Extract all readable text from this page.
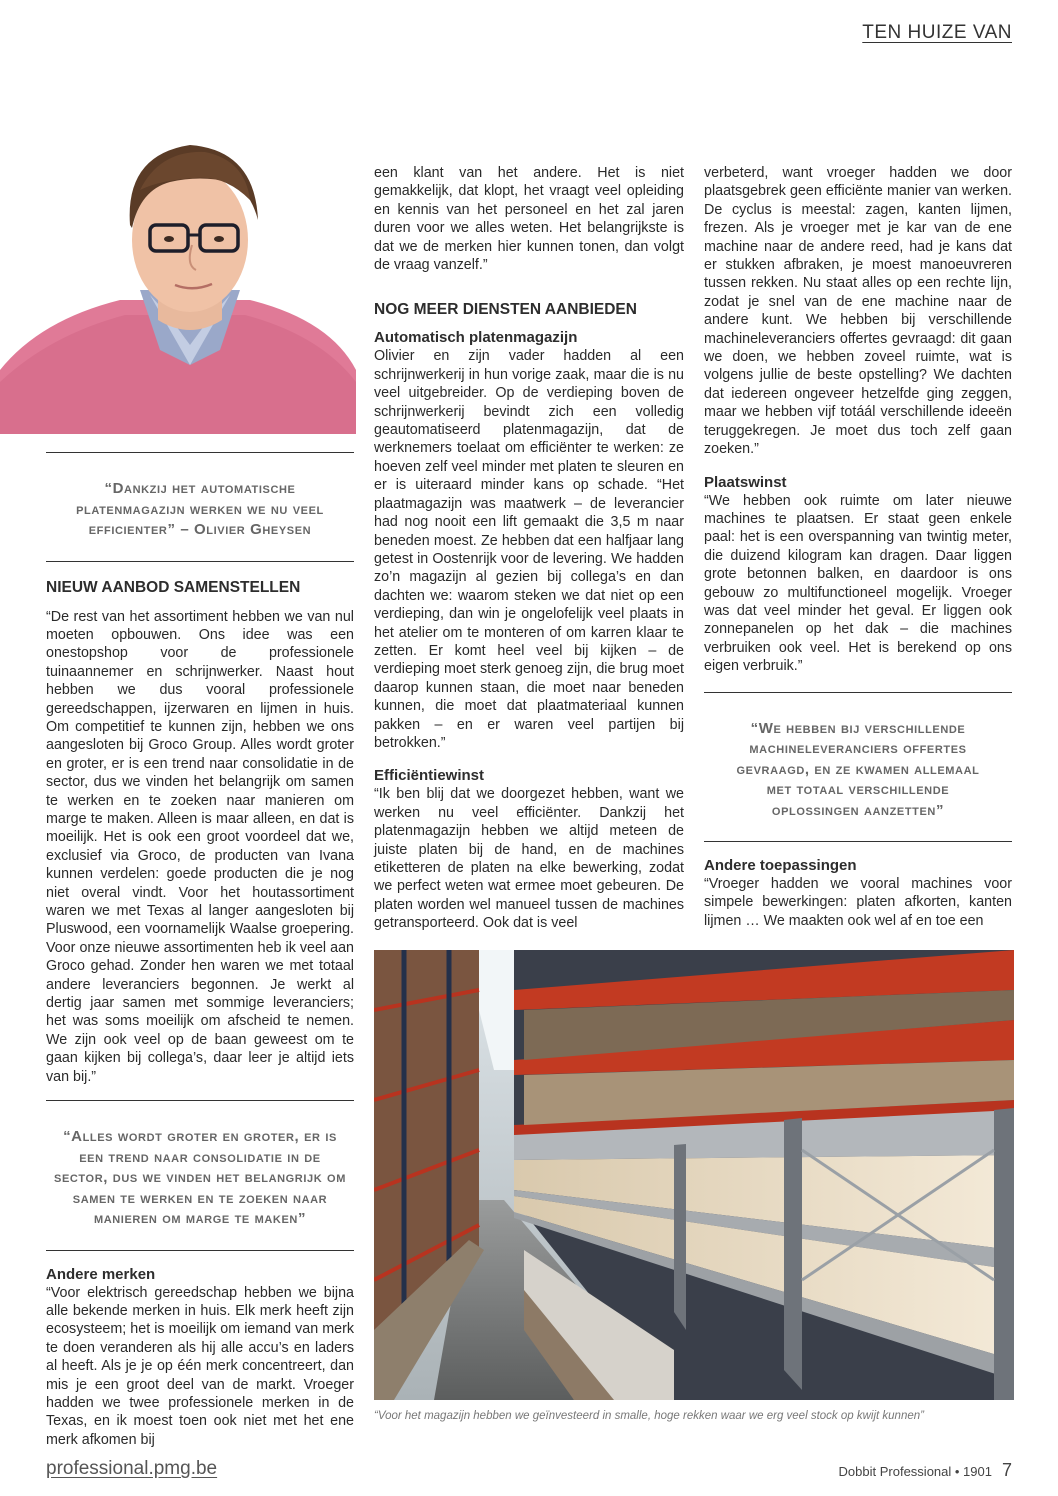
TEN HUIZE VAN
“Dankzij het automatische platenmagazijn werken we nu veel efficienter” – Olivier Gheysen
NIEUW AANBOD SAMENSTELLEN

“De rest van het assortiment hebben we van nul moeten opbouwen. Ons idee was een onestopshop voor de professionele tuinaannemer en schrijnwerker. Naast hout hebben we dus vooral professionele gereedschappen, ijzerwaren en lijmen in huis. Om competitief te kunnen zijn, hebben we ons aangesloten bij Groco Group. Alles wordt groter en groter, er is een trend naar consolidatie in de sector, dus we vinden het belangrijk om samen te werken en te zoeken naar manieren om marge te maken. Alleen is maar alleen, en dat is moeilijk. Het is ook een groot voordeel dat we, exclusief via Groco, de producten van Ivana kunnen verdelen: goede producten die je nog niet overal vindt. Voor het houtassortiment waren we met Texas al langer aangesloten bij Pluswood, een voornamelijk Waalse groepering. Voor onze nieuwe assortimenten heb ik veel aan Groco gehad. Zonder hen waren we met totaal andere leveranciers begonnen. Je werkt al dertig jaar samen met sommige leveranciers; het was soms moeilijk om afscheid te nemen. We zijn ook veel op de baan geweest om te gaan kijken bij collega’s, daar leer je altijd iets van bij.”

“Alles wordt groter en groter, er is een trend naar consolidatie in de sector, dus we vinden het belangrijk om samen te werken en te zoeken naar manieren om marge te maken”
Andere merken

“Voor elektrisch gereedschap hebben we bijna alle bekende merken in huis. Elk merk heeft zijn ecosysteem; het is moeilijk om iemand van merk te doen veranderen als hij alle accu’s en laders al heeft. Als je je op één merk concentreert, dan mis je een groot deel van de markt. Vroeger hadden we twee professionele merken in de Texas, en ik moest toen ook niet met het ene merk afkomen bij

een klant van het andere. Het is niet gemakkelijk, dat klopt, het vraagt veel opleiding en kennis van het personeel en het zal jaren duren voor we alles weten. Het belangrijkste is dat we de merken hier kunnen tonen, dan volgt de vraag vanzelf.”

NOG MEER DIENSTEN AANBIEDEN
Automatisch platenmagazijn

Olivier en zijn vader hadden al een schrijnwerkerij in hun vorige zaak, maar die is nu veel uitgebreider. Op de verdieping boven de schrijnwerkerij bevindt zich een volledig geautomatiseerd platenmagazijn, dat de werknemers toelaat om efficiënter te werken: ze hoeven zelf veel minder met platen te sleuren en er is uiteraard minder kans op schade. “Het plaatmagazijn was maatwerk – de leverancier had nog nooit een lift gemaakt die 3,5 m naar beneden moest. Ze hebben dat een halfjaar lang getest in Oostenrijk voor de levering. We hadden zo’n magazijn al gezien bij collega’s en dan dachten we: waarom steken we dat niet op een verdieping, dan win je ongelofelijk veel plaats in het atelier om te monteren of om karren klaar te zetten. Er komt heel veel bij kijken – de verdieping moet sterk genoeg zijn, die brug moet daarop kunnen staan, die moet naar beneden kunnen, die moet dat plaatmateriaal kunnen pakken – en er waren veel partijen bij betrokken.”

Efficiëntiewinst

“Ik ben blij dat we doorgezet hebben, want we werken nu veel efficiënter. Dankzij het platenmagazijn hebben we altijd meteen de juiste platen bij de hand, en de machines etiketteren de platen na elke bewerking, zodat we perfect weten wat ermee moet gebeuren. De platen worden wel manueel tussen de machines getransporteerd. Ook dat is veel

verbeterd, want vroeger hadden we door plaatsgebrek geen efficiënte manier van werken. De cyclus is meestal: zagen, kanten lijmen, frezen. Als je vroeger met je kar van de ene machine naar de andere reed, had je kans dat er stukken afbraken, je moest manoeuvreren tussen rekken. Nu staat alles op een rechte lijn, zodat je snel van de ene machine naar de andere kunt. We hebben bij verschillende machineleveranciers offertes gevraagd: dit gaan we doen, we hebben zoveel ruimte, wat is volgens jullie de beste opstelling? We dachten dat iedereen ongeveer hetzelfde ging zeggen, maar we hebben vijf totáál verschillende ideeën teruggekregen. Je moet dus toch zelf gaan zoeken.”

Plaatswinst

“We hebben ook ruimte om later nieuwe machines te plaatsen. Er staat geen enkele paal: het is een overspanning van twintig meter, die duizend kilogram kan dragen. Daar liggen grote betonnen balken, en daardoor is ons gebouw zo multifunctioneel mogelijk. Vroeger was dat veel minder het geval. Er liggen ook zonnepanelen op het dak – die machines verbruiken ook veel. Het is berekend op ons eigen verbruik.”

“We hebben bij verschillende machineleveranciers offertes gevraagd, en ze kwamen allemaal met totaal verschillende oplossingen aanzetten”
Andere toepassingen

“Vroeger hadden we vooral machines voor simpele bewerkingen: platen afkorten, kanten lijmen … We maakten ook wel af en toe een

“Voor het magazijn hebben we geïnvesteerd in smalle, hoge rekken waar we erg veel stock op kwijt kunnen”
professional.pmg.be	Dobbit Professional • 1901 7
